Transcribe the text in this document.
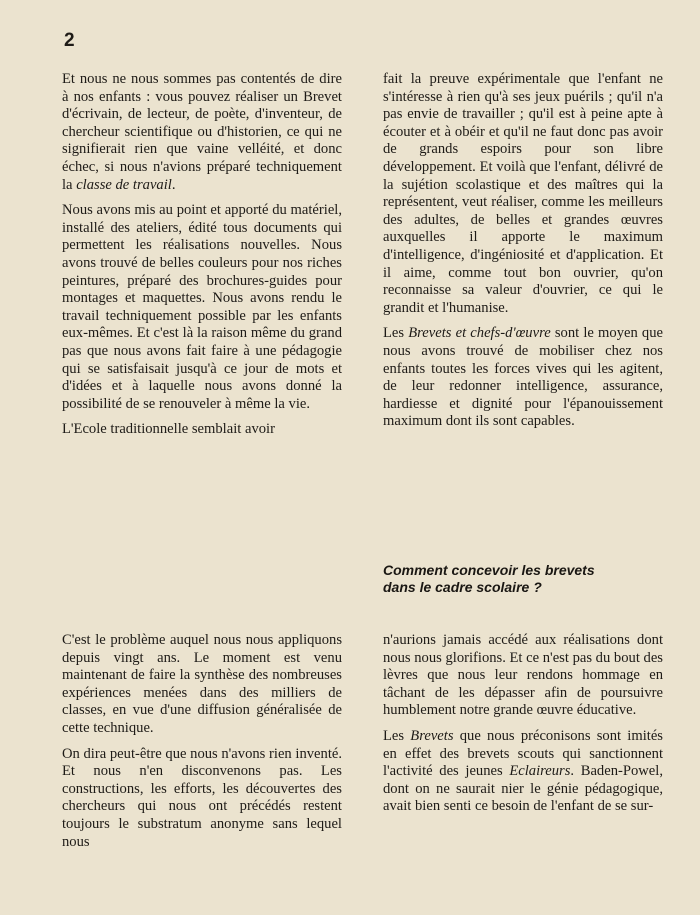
2

Et nous ne nous sommes pas contentés de dire à nos enfants : vous pouvez réaliser un Brevet d'écrivain, de lecteur, de poète, d'inventeur, de chercheur scientifique ou d'historien, ce qui ne signifierait rien que vaine velléité, et donc échec, si nous n'avions préparé techniquement la classe de travail.

Nous avons mis au point et apporté du matériel, installé des ateliers, édité tous documents qui permettent les réalisations nouvelles. Nous avons trouvé de belles couleurs pour nos riches peintures, préparé des brochures-guides pour montages et maquettes. Nous avons rendu le travail techniquement possible par les enfants eux-mêmes. Et c'est là la raison même du grand pas que nous avons fait faire à une pédagogie qui se satisfaisait jusqu'à ce jour de mots et d'idées et à laquelle nous avons donné la possibilité de se renouveler à même la vie.

L'Ecole traditionnelle semblait avoir

fait la preuve expérimentale que l'enfant ne s'intéresse à rien qu'à ses jeux puérils ; qu'il n'a pas envie de travailler ; qu'il est à peine apte à écouter et à obéir et qu'il ne faut donc pas avoir de grands espoirs pour son libre développement. Et voilà que l'enfant, délivré de la sujétion scolastique et des maîtres qui la représentent, veut réaliser, comme les meilleurs des adultes, de belles et grandes œuvres auxquelles il apporte le maximum d'intelligence, d'ingéniosité et d'application. Et il aime, comme tout bon ouvrier, qu'on reconnaisse sa valeur d'ouvrier, ce qui le grandit et l'humanise.

Les Brevets et chefs-d'œuvre sont le moyen que nous avons trouvé de mobiliser chez nos enfants toutes les forces vives qui les agitent, de leur redonner intelligence, assurance, hardiesse et dignité pour l'épanouissement maximum dont ils sont capables.

Comment concevoir les brevets
dans le cadre scolaire ?

C'est le problème auquel nous nous appliquons depuis vingt ans. Le moment est venu maintenant de faire la synthèse des nombreuses expériences menées dans des milliers de classes, en vue d'une diffusion généralisée de cette technique.

On dira peut-être que nous n'avons rien inventé. Et nous n'en disconvenons pas. Les constructions, les efforts, les découvertes des chercheurs qui nous ont précédés restent toujours le substratum anonyme sans lequel nous

n'aurions jamais accédé aux réalisations dont nous nous glorifions. Et ce n'est pas du bout des lèvres que nous leur rendons hommage en tâchant de les dépasser afin de poursuivre humblement notre grande œuvre éducative.

Les Brevets que nous préconisons sont imités en effet des brevets scouts qui sanctionnent l'activité des jeunes Eclaireurs. Baden-Powel, dont on ne saurait nier le génie pédagogique, avait bien senti ce besoin de l'enfant de se sur-
